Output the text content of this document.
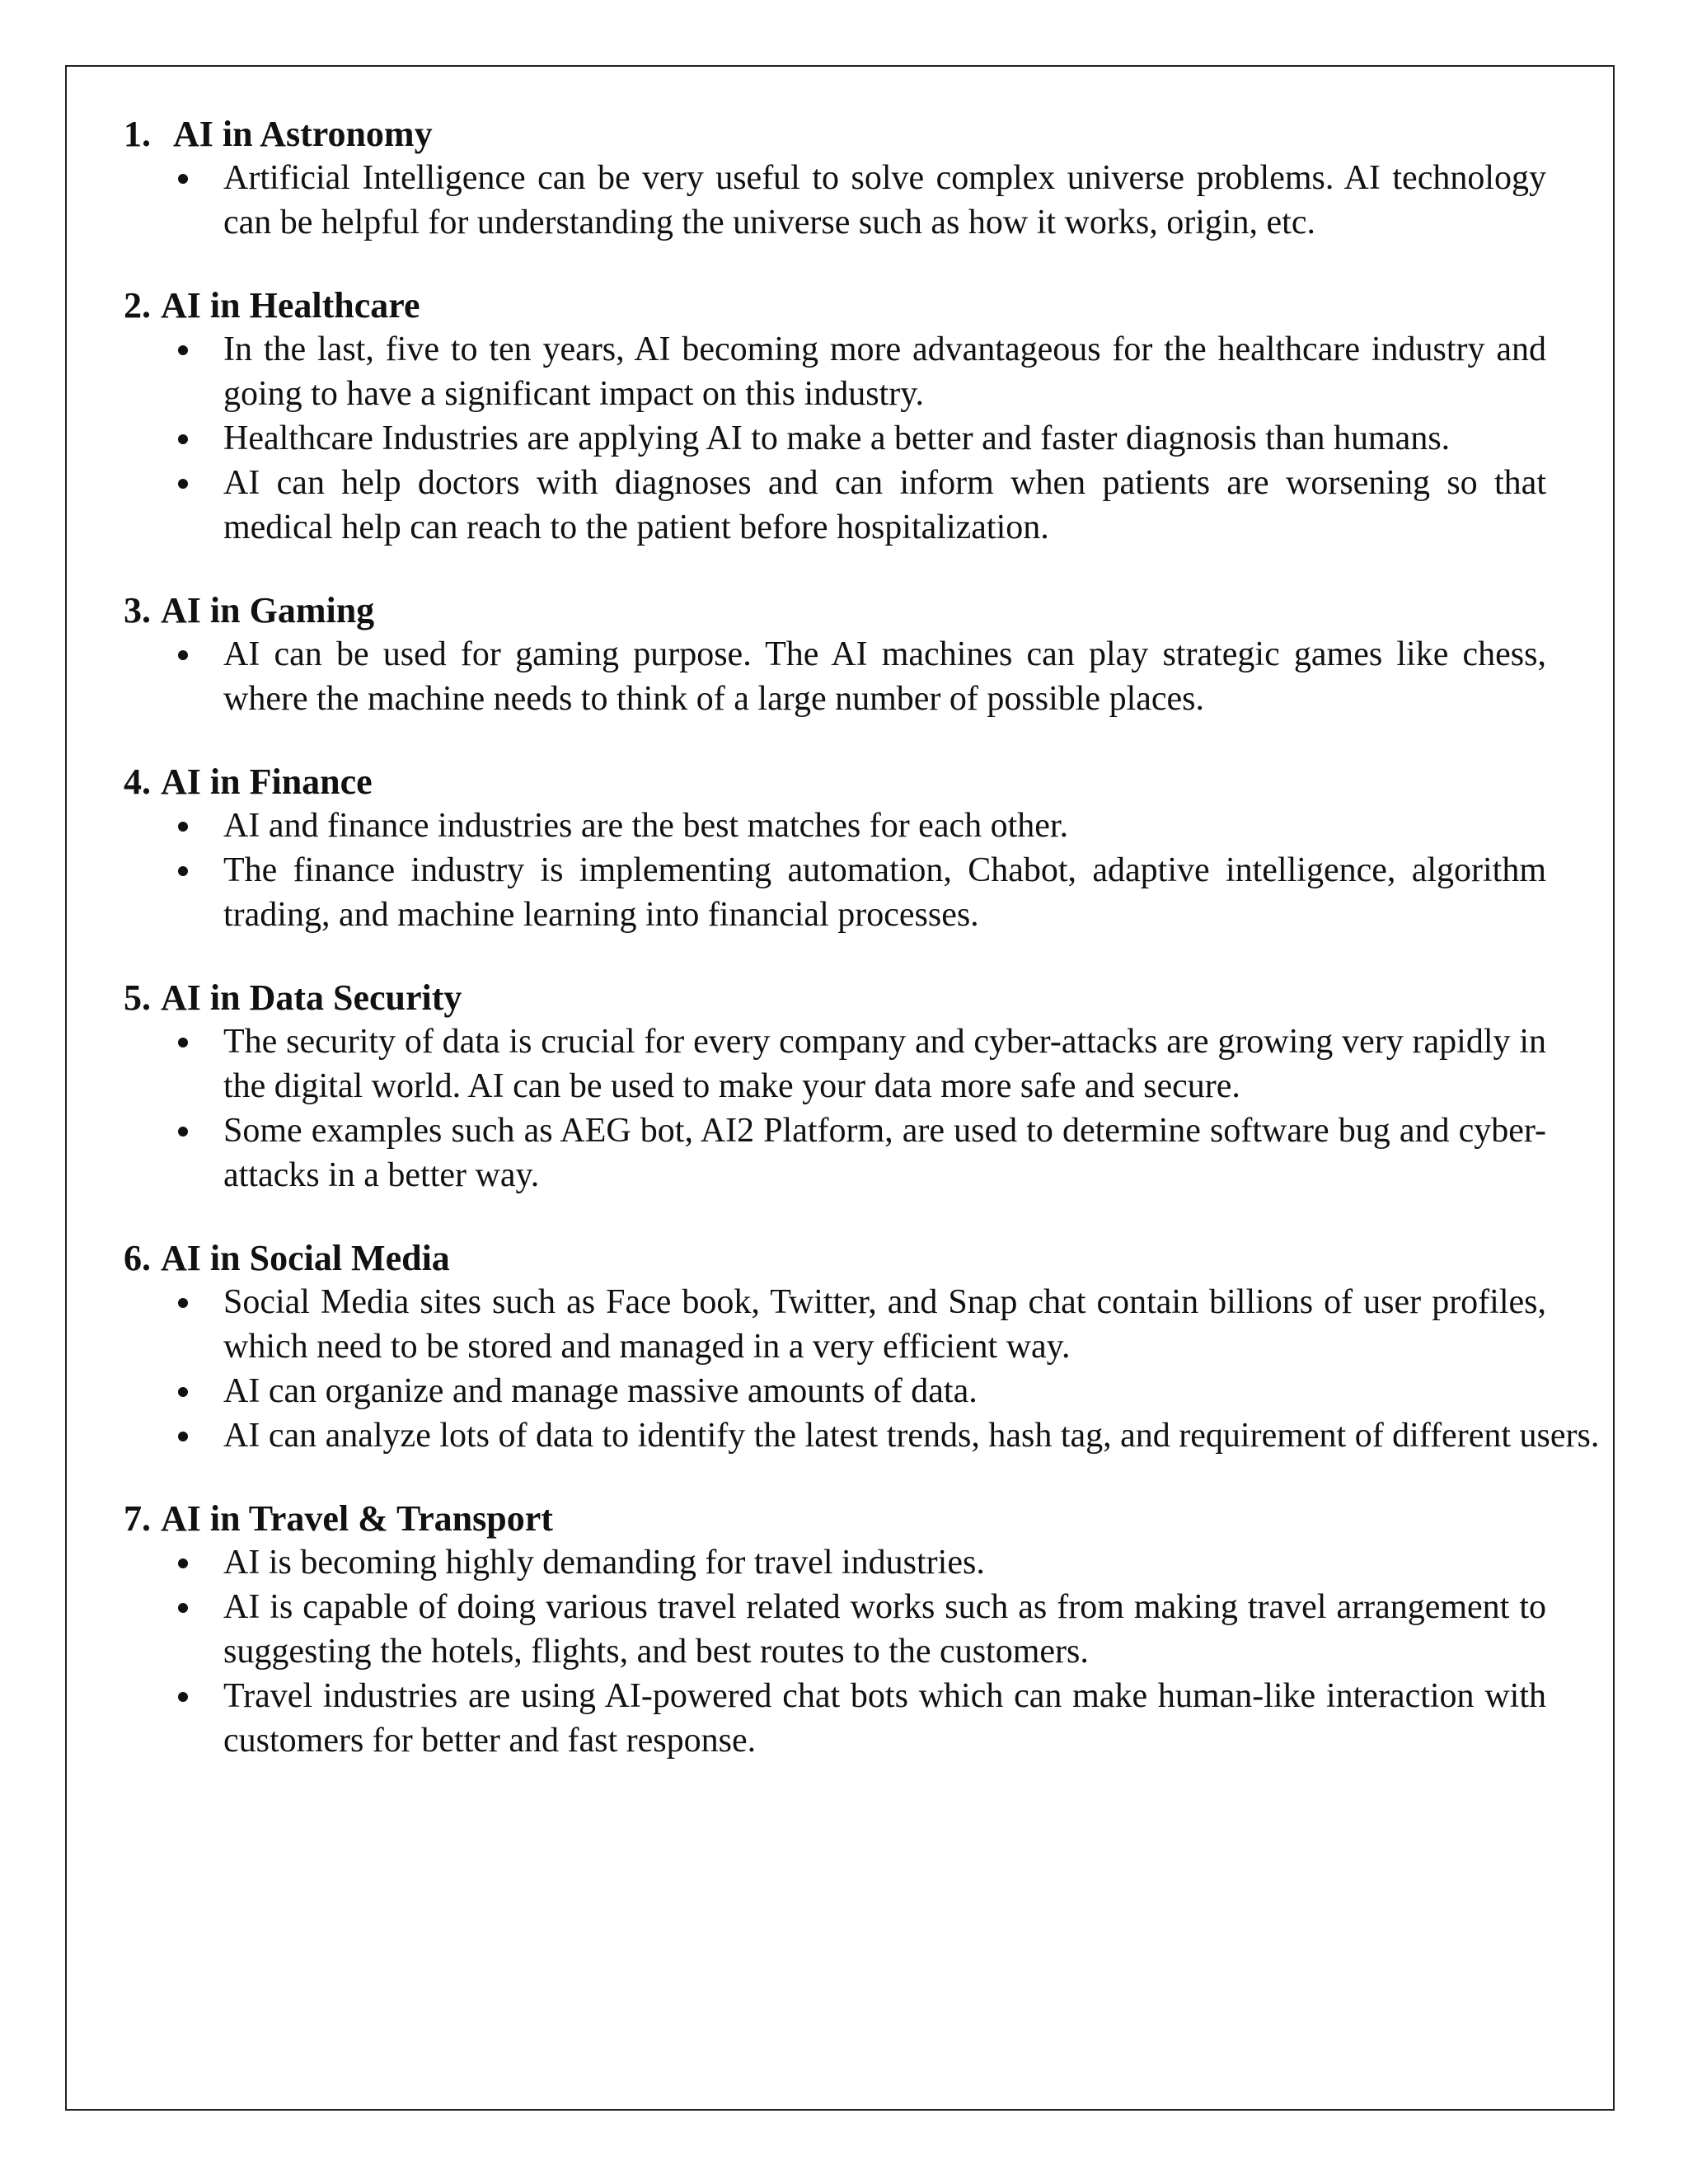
1. AI in Astronomy
Artificial Intelligence can be very useful to solve complex universe problems. AI technology can be helpful for understanding the universe such as how it works, origin, etc.
2. AI in Healthcare
In the last, five to ten years, AI becoming more advantageous for the healthcare industry and going to have a significant impact on this industry.
Healthcare Industries are applying AI to make a better and faster diagnosis than humans.
AI can help doctors with diagnoses and can inform when patients are worsening so that medical help can reach to the patient before hospitalization.
3. AI in Gaming
AI can be used for gaming purpose. The AI machines can play strategic games like chess, where the machine needs to think of a large number of possible places.
4. AI in Finance
AI and finance industries are the best matches for each other.
The finance industry is implementing automation, Chabot, adaptive intelligence, algorithm trading, and machine learning into financial processes.
5. AI in Data Security
The security of data is crucial for every company and cyber-attacks are growing very rapidly in the digital world. AI can be used to make your data more safe and secure.
Some examples such as AEG bot, AI2 Platform, are used to determine software bug and cyber-attacks in a better way.
6. AI in Social Media
Social Media sites such as Face book, Twitter, and Snap chat contain billions of user profiles, which need to be stored and managed in a very efficient way.
AI can organize and manage massive amounts of data.
AI can analyze lots of data to identify the latest trends, hash tag, and requirement of different users.
7. AI in Travel & Transport
AI is becoming highly demanding for travel industries.
AI is capable of doing various travel related works such as from making travel arrangement to suggesting the hotels, flights, and best routes to the customers.
Travel industries are using AI-powered chat bots which can make human-like interaction with customers for better and fast response.
